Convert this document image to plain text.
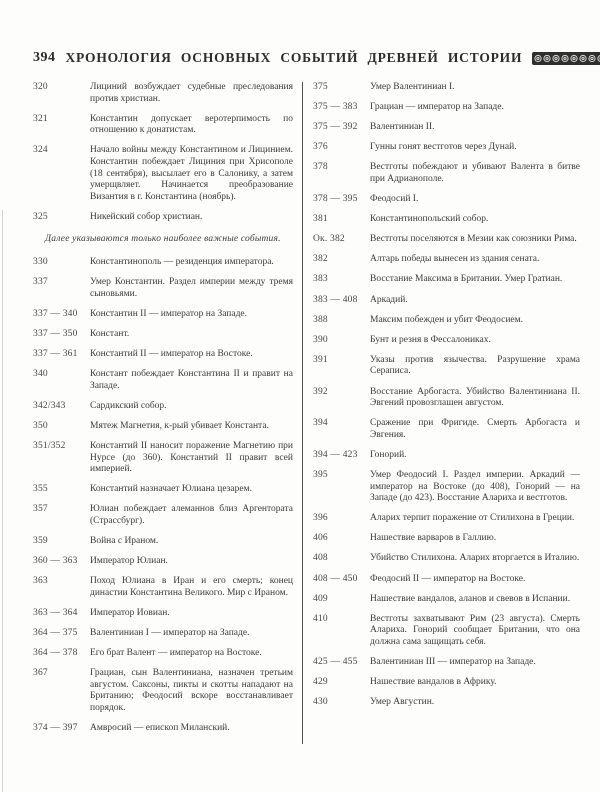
394 ХРОНОЛОГИЯ ОСНОВНЫХ СОБЫТИЙ ДРЕВНЕЙ ИСТОРИИ
320	Лициний возбуждает судебные преследования против христиан.
321	Константин допускает веротерпимость по отношению к донатистам.
324	Начало войны между Константином и Лицинием. Константин побеждает Лициния при Хрисополе (18 сентября), высылает его в Салонику, а затем умерщвляет. Начинается преобразование Византия в г. Константина (ноябрь).
325	Никейский собор христиан.
Далее указываются только наиболее важные события.
330	Константинополь — резиденция императора.
337	Умер Константин. Раздел империи между тремя сыновьями.
337 — 340	Константин II — император на Западе.
337 — 350	Констант.
337 — 361	Константий II — император на Востоке.
340	Констант побеждает Константина II и правит на Западе.
342/343	Сардикский собор.
350	Мятеж Магнетия, к-рый убивает Константа.
351/352	Константий II наносит поражение Магнетию при Нурсе (до 360). Константий II правит всей империей.
355	Константий назначает Юлиана цезарем.
357	Юлиан побеждает алеманнов близ Аргентората (Страссбург).
359	Война с Ираном.
360 — 363	Император Юлиан.
363	Поход Юлиана в Иран и его смерть; конец династии Константина Великого. Мир с Ираном.
363 — 364	Император Иовиан.
364 — 375	Валентиниан I — император на Западе.
364 — 378	Его брат Валент — император на Востоке.
367	Грациан, сын Валентиниана, назначен третьим августом. Саксоны, пикты и скотты нападают на Британию; Феодосий вскоре восстанавливает порядок.
374 — 397	Амвросий — епископ Миланский.
375	Умер Валентиниан I.
375 — 383	Грациан — император на Западе.
375 — 392	Валентиниан II.
376	Гунны гонят вестготов через Дунай.
378	Вестготы побеждают и убивают Валента в битве при Адрианополе.
378 — 395	Феодосий I.
381	Константинопольский собор.
Ок. 382	Вестготы поселяются в Мезии как союзники Рима.
382	Алтарь победы вынесен из здания сената.
383	Восстание Максима в Британии. Умер Гратиан.
383 — 408	Аркадий.
388	Максим побежден и убит Феодосием.
390	Бунт и резня в Фессалониках.
391	Указы против язычества. Разрушение храма Сераписа.
392	Восстание Арбогаста. Убийство Валентиниана II. Эвгений провозглашен августом.
394	Сражение при Фригиде. Смерть Арбогаста и Эвгения.
394 — 423	Гонорий.
395	Умер Феодосий I. Раздел империи. Аркадий — император на Востоке (до 408), Гонорий — на Западе (до 423). Восстание Алариха и вестготов.
396	Аларих терпит поражение от Стилихона в Греции.
406	Нашествие варваров в Галлию.
408	Убийство Стилихона. Аларих вторгается в Италию.
408 — 450	Феодосий II — император на Востоке.
409	Нашествие вандалов, аланов и свевов в Испании.
410	Вестготы захватывают Рим (23 августа). Смерть Алариха. Гонорий сообщает Британии, что она должна сама защищать себя.
425 — 455	Валентиниан III — император на Западе.
429	Нашествие вандалов в Африку.
430	Умер Августин.
